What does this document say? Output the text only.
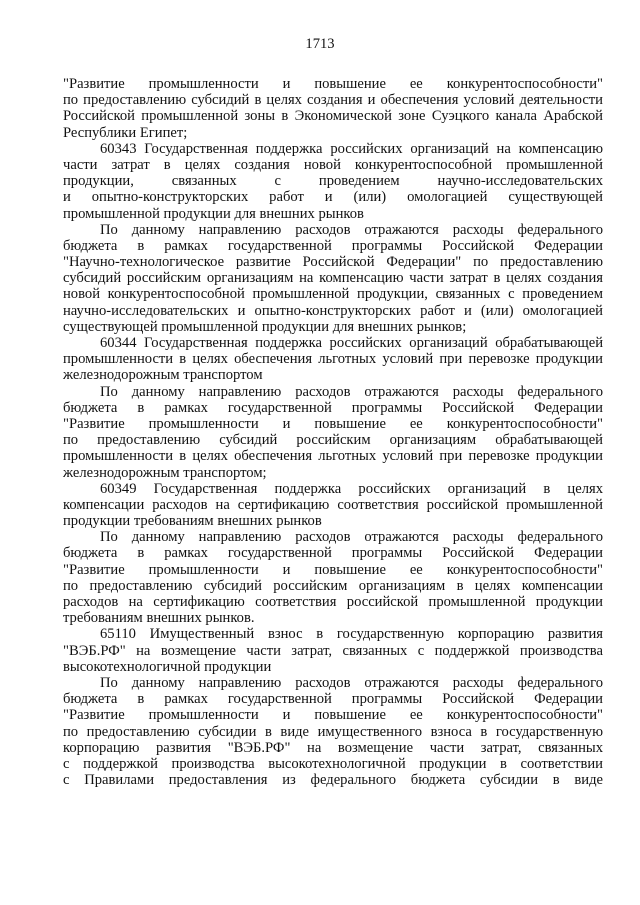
1713
"Развитие промышленности и повышение ее конкурентоспособности"
по предоставлению субсидий в целях создания и обеспечения условий деятельности
Российской промышленной зоны в Экономической зоне Суэцкого канала Арабской
Республики Египет;
60343 Государственная поддержка российских организаций на компенсацию
части затрат в целях создания новой конкурентоспособной промышленной
продукции, связанных с проведением научно-исследовательских
и опытно-конструкторских работ и (или) омологацией существующей
промышленной продукции для внешних рынков
По данному направлению расходов отражаются расходы федерального
бюджета в рамках государственной программы Российской Федерации
"Научно-технологическое развитие Российской Федерации" по предоставлению
субсидий российским организациям на компенсацию части затрат в целях создания
новой конкурентоспособной промышленной продукции, связанных с проведением
научно-исследовательских и опытно-конструкторских работ и (или) омологацией
существующей промышленной продукции для внешних рынков;
60344 Государственная поддержка российских организаций обрабатывающей
промышленности в целях обеспечения льготных условий при перевозке продукции
железнодорожным транспортом
По данному направлению расходов отражаются расходы федерального
бюджета в рамках государственной программы Российской Федерации
"Развитие промышленности и повышение ее конкурентоспособности"
по предоставлению субсидий российским организациям обрабатывающей
промышленности в целях обеспечения льготных условий при перевозке продукции
железнодорожным транспортом;
60349 Государственная поддержка российских организаций в целях
компенсации расходов на сертификацию соответствия российской промышленной
продукции требованиям внешних рынков
По данному направлению расходов отражаются расходы федерального
бюджета в рамках государственной программы Российской Федерации
"Развитие промышленности и повышение ее конкурентоспособности"
по предоставлению субсидий российским организациям в целях компенсации
расходов на сертификацию соответствия российской промышленной продукции
требованиям внешних рынков.
65110 Имущественный взнос в государственную корпорацию развития
"ВЭБ.РФ" на возмещение части затрат, связанных с поддержкой производства
высокотехнологичной продукции
По данному направлению расходов отражаются расходы федерального
бюджета в рамках государственной программы Российской Федерации
"Развитие промышленности и повышение ее конкурентоспособности"
по предоставлению субсидии в виде имущественного взноса в государственную
корпорацию развития "ВЭБ.РФ" на возмещение части затрат, связанных
с поддержкой производства высокотехнологичной продукции в соответствии
с Правилами предоставления из федерального бюджета субсидии в виде
